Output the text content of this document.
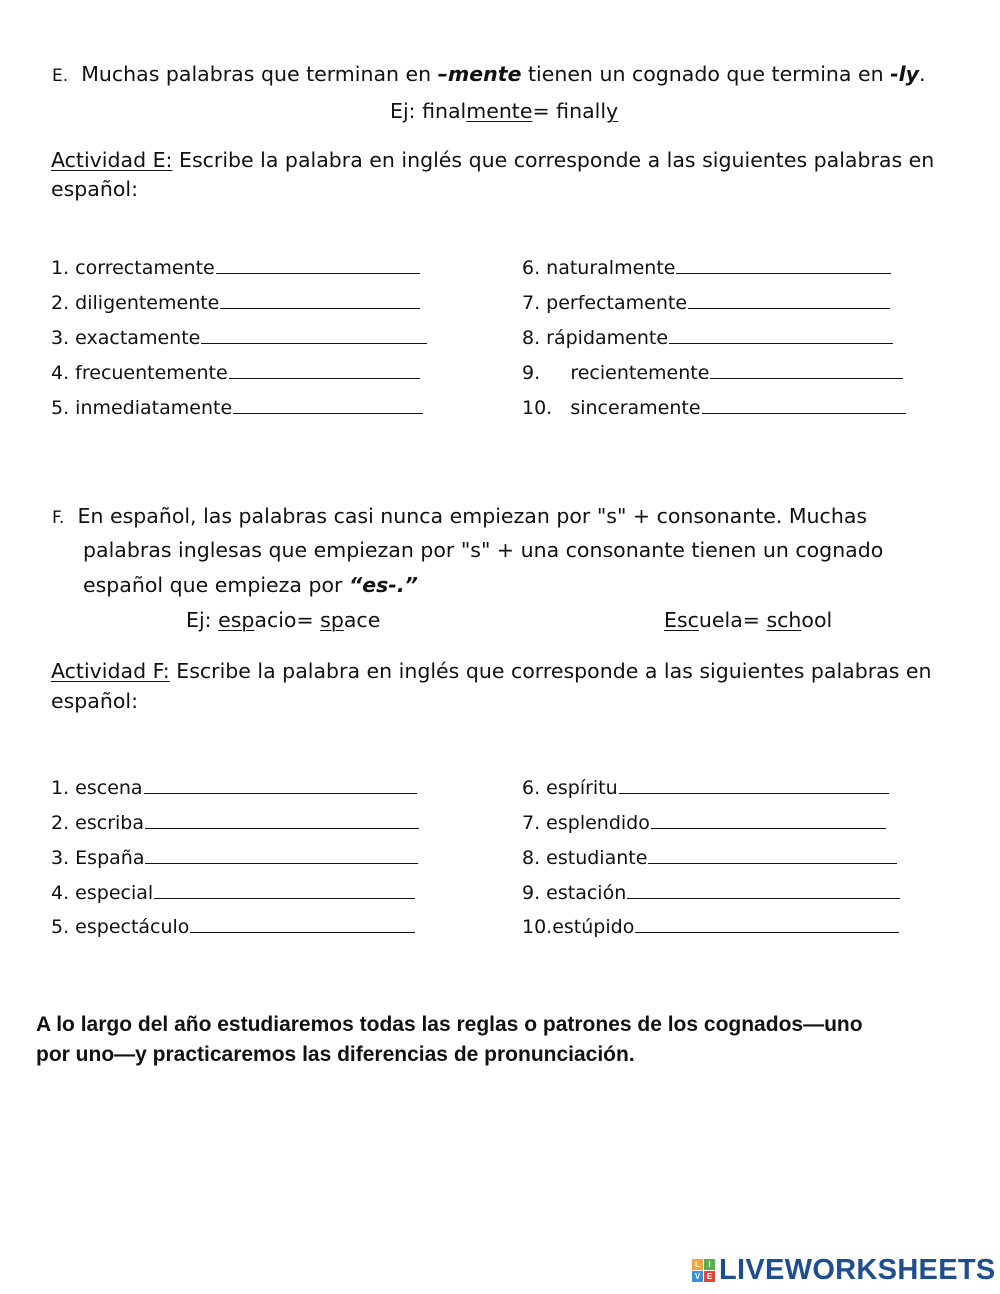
E. Muchas palabras que terminan en –mente tienen un cognado que termina en -ly.
Ej: finalmente= finally
Actividad E: Escribe la palabra en inglés que corresponde a las siguientes palabras en
español:
1. correctamente
2. diligentemente
3. exactamente
4. frecuentemente
5. inmediatamente
6. naturalmente
7. perfectamente
8. rápidamente
9.     recientemente
10.   sinceramente
F. En español, las palabras casi nunca empiezan por "s" + consonante. Muchas
palabras inglesas que empiezan por "s" + una consonante tienen un cognado
español que empieza por “es-.”
Ej: espacio= space	Escuela= school
Actividad F: Escribe la palabra en inglés que corresponde a las siguientes palabras en
español:
1. escena
2. escriba
3. España
4. especial
5. espectáculo
6. espíritu
7. esplendido
8. estudiante
9. estación
10.estúpido
A lo largo del año estudiaremos todas las reglas o patrones de los cognados—uno
por uno—y practicaremos las diferencias de pronunciación.
L	I
V E LIVEWORKSHEETS
